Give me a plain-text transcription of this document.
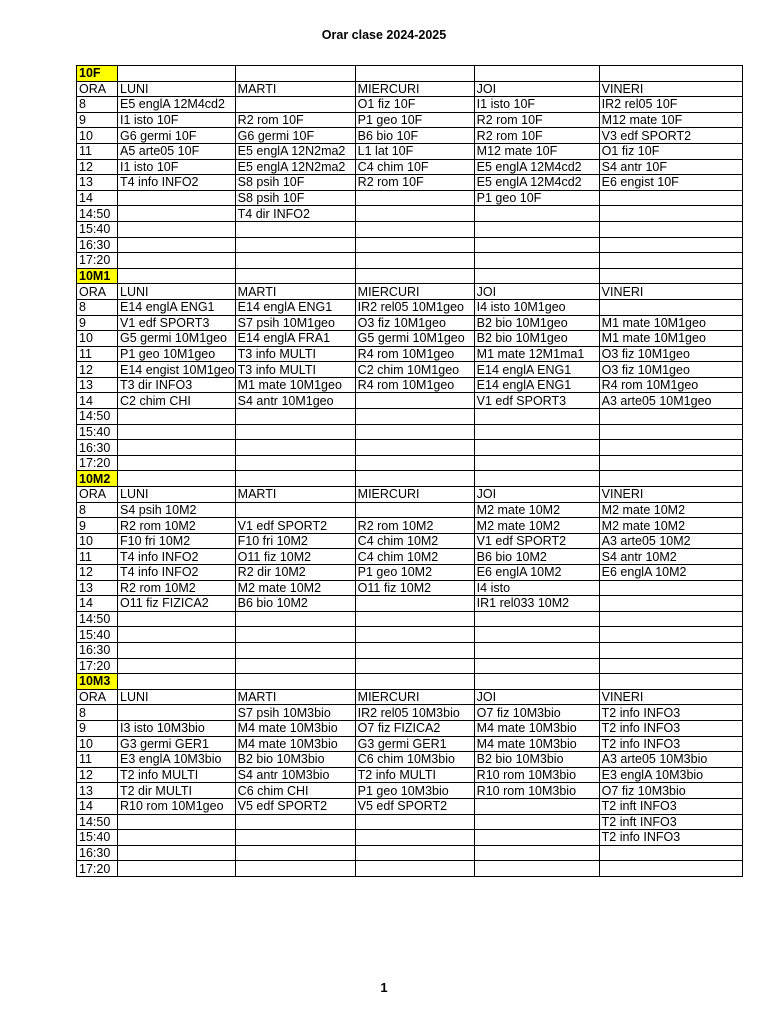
Orar clase 2024-2025
10F					
ORA	LUNI	MARTI	MIERCURI	JOI	VINERI
8	E5 englA 12M4cd2		O1 fiz 10F	I1 isto 10F	IR2 rel05 10F
9	I1 isto 10F	R2 rom 10F	P1 geo 10F	R2 rom 10F	M12 mate 10F
10	G6 germi 10F	G6 germi 10F	B6 bio 10F	R2 rom 10F	V3 edf SPORT2
11	A5 arte05 10F	E5 englA 12N2ma2	L1 lat 10F	M12 mate 10F	O1 fiz 10F
12	I1 isto 10F	E5 englA 12N2ma2	C4 chim 10F	E5 englA 12M4cd2	S4 antr 10F
13	T4 info INFO2	S8 psih 10F	R2 rom 10F	E5 englA 12M4cd2	E6 engist 10F
14		S8 psih 10F		P1 geo 10F	
14:50		T4 dir INFO2			
15:40					
16:30					
17:20					
10M1					
ORA	LUNI	MARTI	MIERCURI	JOI	VINERI
8	E14 englA ENG1	E14 englA ENG1	IR2 rel05 10M1geo	I4 isto 10M1geo	
9	V1 edf SPORT3	S7 psih 10M1geo	O3 fiz 10M1geo	B2 bio 10M1geo	M1 mate 10M1geo
10	G5 germi 10M1geo	E14 englA FRA1	G5 germi 10M1geo	B2 bio 10M1geo	M1 mate 10M1geo
11	P1 geo 10M1geo	T3 info MULTI	R4 rom 10M1geo	M1 mate 12M1ma1	O3 fiz 10M1geo
12	E14 engist 10M1geo	T3 info MULTI	C2 chim 10M1geo	E14 englA ENG1	O3 fiz 10M1geo
13	T3 dir INFO3	M1 mate 10M1geo	R4 rom 10M1geo	E14 englA ENG1	R4 rom 10M1geo
14	C2 chim CHI	S4 antr 10M1geo		V1 edf SPORT3	A3 arte05 10M1geo
14:50					
15:40					
16:30					
17:20					
10M2					
ORA	LUNI	MARTI	MIERCURI	JOI	VINERI
8	S4 psih 10M2			M2 mate 10M2	M2 mate 10M2
9	R2 rom 10M2	V1 edf SPORT2	R2 rom 10M2	M2 mate 10M2	M2 mate 10M2
10	F10 fri 10M2	F10 fri 10M2	C4 chim 10M2	V1 edf SPORT2	A3 arte05 10M2
11	T4 info INFO2	O11 fiz 10M2	C4 chim 10M2	B6 bio 10M2	S4 antr 10M2
12	T4 info INFO2	R2 dir 10M2	P1 geo 10M2	E6 englA 10M2	E6 englA 10M2
13	R2 rom 10M2	M2 mate 10M2	O11 fiz 10M2	I4 isto	
14	O11 fiz FIZICA2	B6 bio 10M2		IR1 rel033 10M2	
14:50					
15:40					
16:30					
17:20					
10M3					
ORA	LUNI	MARTI	MIERCURI	JOI	VINERI
8		S7 psih 10M3bio	IR2 rel05 10M3bio	O7 fiz 10M3bio	T2 info INFO3
9	I3 isto 10M3bio	M4 mate 10M3bio	O7 fiz FIZICA2	M4 mate 10M3bio	T2 info INFO3
10	G3 germi GER1	M4 mate 10M3bio	G3 germi GER1	M4 mate 10M3bio	T2 info INFO3
11	E3 englA 10M3bio	B2 bio 10M3bio	C6 chim 10M3bio	B2 bio 10M3bio	A3 arte05 10M3bio
12	T2 info MULTI	S4 antr 10M3bio	T2 info MULTI	R10 rom 10M3bio	E3 englA 10M3bio
13	T2 dir MULTI	C6 chim CHI	P1 geo 10M3bio	R10 rom 10M3bio	O7 fiz 10M3bio
14	R10 rom 10M1geo	V5 edf SPORT2	V5 edf SPORT2		T2 inft INFO3
14:50					T2 inft INFO3
15:40					T2 info INFO3
16:30					
17:20					
1
